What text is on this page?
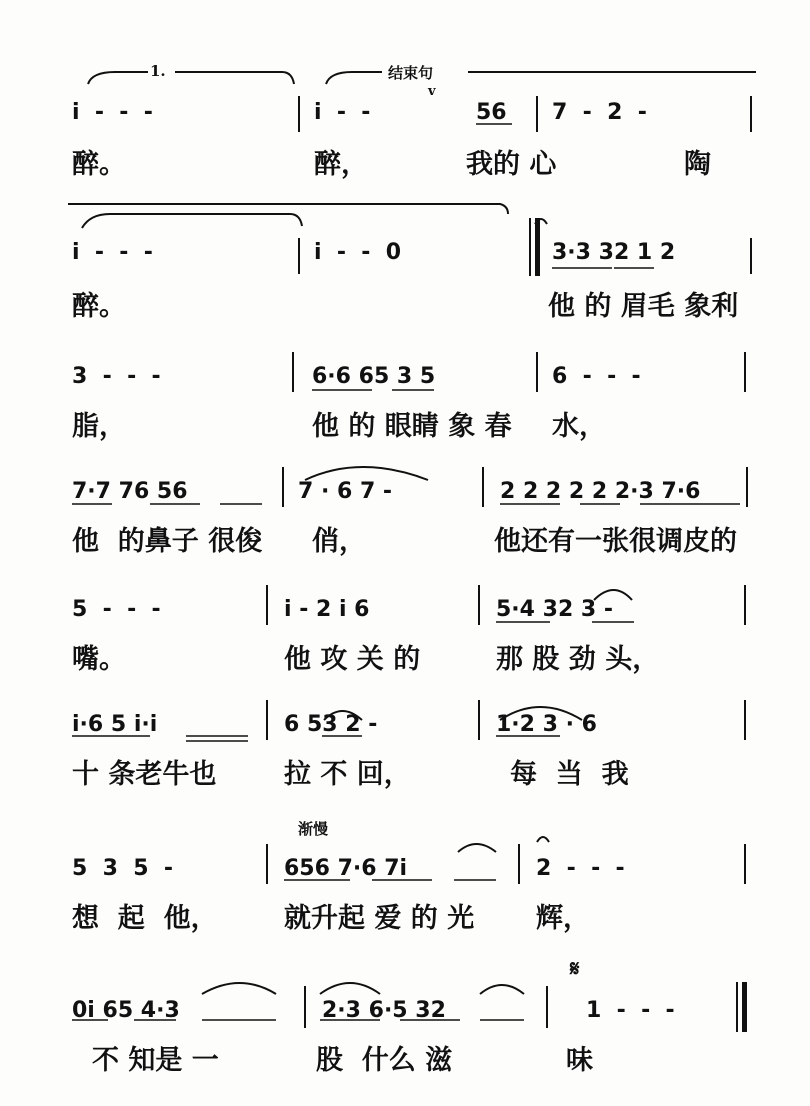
1.	结束句
v

i  -  -  -

	i  -  -

	56

7  -  2  -

醉。

	醉，

	我的 心

	陶

i  -  -  -

	i  -  -  0

	3·3 32 1 2

醉。

	他 的 眉毛 象利

3  -  -  -

	6·6 65 3 5

	6  -  -  -

脂，

	他 的 眼睛 象 春

水，

7·7 76 56

	7 · 6 7 -

	2 2 2 2 2 2·3 7·6

他  的鼻子 很俊

俏，

	他还有一张很调皮的

5  -  -  -

	i - 2 i 6

	5·4 32 3 -

嘴。

	他 攻 关 的

	那 股 劲 头，

i·6 5 i·i

	6 53 2 -

	1·2 3 · 6

十 条老牛也

	拉 不 回，

	每  当  我

渐慢

5  3  5  -

	656 7·6 7i

	2  -  -  -

想  起  他，

就升起 爱 的 光

辉，

𝄋

0i 65 4·3

	2·3 6·5 32

	1  -  -  -

不 知是 一

	股  什么 滋

	味
